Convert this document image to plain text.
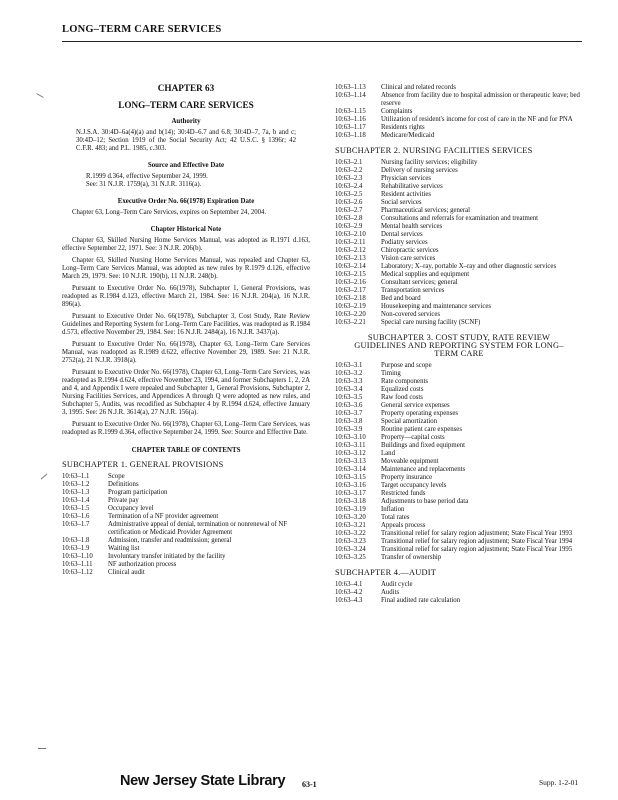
LONG–TERM CARE SERVICES
CHAPTER 63
LONG–TERM CARE SERVICES
Authority

N.J.S.A. 30:4D–6a(4)(a) and b(14); 30:4D–6.7 and 6.8; 30:4D–7, 7a, b and c; 30:4D–12; Section 1919 of the Social Security Act; 42 U.S.C. § 1396r; 42 C.F.R. 483; and P.L. 1985, c.303.

Source and Effective Date

R.1999 d.364, effective September 24, 1999.

See: 31 N.J.R. 1759(a), 31 N.J.R. 3116(a).

Executive Order No. 66(1978) Expiration Date

Chapter 63, Long–Term Care Services, expires on September 24, 2004.

Chapter Historical Note

Chapter 63, Skilled Nursing Home Services Manual, was adopted as R.1971 d.163, effective September 22, 1971. See: 3 N.J.R. 206(b).

Chapter 63, Skilled Nursing Home Services Manual, was repealed and Chapter 63, Long–Term Care Services Manual, was adopted as new rules by R.1979 d.126, effective March 29, 1979. See: 10 N.J.R. 190(b), 11 N.J.R. 248(b).

Pursuant to Executive Order No. 66(1978), Subchapter 1, General Provisions, was readopted as R.1984 d.123, effective March 21, 1984. See: 16 N.J.R. 204(a), 16 N.J.R. 896(a).

Pursuant to Executive Order No. 66(1978), Subchapter 3, Cost Study, Rate Review Guidelines and Reporting System for Long–Term Care Facilities, was readopted as R.1984 d.573, effective November 29, 1984. See: 16 N.J.R. 2484(a), 16 N.J.R. 3437(a).

Pursuant to Executive Order No. 66(1978), Chapter 63, Long–Term Care Services Manual, was readopted as R.1989 d.622, effective November 29, 1989. See: 21 N.J.R. 2752(a), 21 N.J.R. 3918(a).

Pursuant to Executive Order No. 66(1978), Chapter 63, Long–Term Care Services, was readopted as R.1994 d.624, effective November 23, 1994, and former Subchapters 1, 2, 2A and 4, and Appendix I were repealed and Subchapter 1, General Provisions, Subchapter 2, Nursing Facilities Services, and Appendices A through Q were adopted as new rules, and Subchapter 5, Audits, was recodified as Subchapter 4 by R.1994 d.624, effective January 3, 1995. See: 26 N.J.R. 3614(a), 27 N.J.R. 156(a).

Pursuant to Executive Order No. 66(1978), Chapter 63, Long–Term Care Services, was readopted as R.1999 d.364, effective September 24, 1999. See: Source and Effective Date.

CHAPTER TABLE OF CONTENTS
SUBCHAPTER 1. GENERAL PROVISIONS
10:63–1.1	Scope
10:63–1.2	Definitions
10:63–1.3	Program participation
10:63–1.4	Private pay
10:63–1.5	Occupancy level
10:63–1.6	Termination of a NF provider agreement
10:63–1.7	Administrative appeal of denial, termination or nonrenewal of NF certification or Medicaid Provider Agreement
10:63–1.8	Admission, transfer and readmission; general
10:63–1.9	Waiting list
10:63–1.10	Involuntary transfer initiated by the facility
10:63–1.11	NF authorization process
10:63–1.12	Clinical audit
10:63–1.13	Clinical and related records
10:63–1.14	Absence from facility due to hospital admission or therapeutic leave; bed reserve
10:63–1.15	Complaints
10:63–1.16	Utilization of resident's income for cost of care in the NF and for PNA
10:63–1.17	Residents rights
10:63–1.18	Medicare/Medicaid
SUBCHAPTER 2. NURSING FACILITIES SERVICES
10:63–2.1	Nursing facility services; eligibility
10:63–2.2	Delivery of nursing services
10:63–2.3	Physician services
10:63–2.4	Rehabilitative services
10:63–2.5	Resident activities
10:63–2.6	Social services
10:63–2.7	Pharmaceutical services; general
10:63–2.8	Consultations and referrals for examination and treatment
10:63–2.9	Mental health services
10:63–2.10	Dental services
10:63–2.11	Podiatry services
10:63–2.12	Chiropractic services
10:63–2.13	Vision care services
10:63–2.14	Laboratory; X–ray, portable X–ray and other diagnostic services
10:63–2.15	Medical supplies and equipment
10:63–2.16	Consultant services; general
10:63–2.17	Transportation services
10:63–2.18	Bed and board
10:63–2.19	Housekeeping and maintenance services
10:63–2.20	Non-covered services
10:63–2.21	Special care nursing facility (SCNF)
SUBCHAPTER 3. COST STUDY, RATE REVIEW GUIDELINES AND REPORTING SYSTEM FOR LONG–TERM CARE
10:63–3.1	Purpose and scope
10:63–3.2	Timing
10:63–3.3	Rate components
10:63–3.4	Equalized costs
10:63–3.5	Raw food costs
10:63–3.6	General service expenses
10:63–3.7	Property operating expenses
10:63–3.8	Special amortization
10:63–3.9	Routine patient care expenses
10:63–3.10	Property—capital costs
10:63–3.11	Buildings and fixed equipment
10:63–3.12	Land
10:63–3.13	Moveable equipment
10:63–3.14	Maintenance and replacements
10:63–3.15	Property insurance
10:63–3.16	Target occupancy levels
10:63–3.17	Restricted funds
10:63–3.18	Adjustments to base period data
10:63–3.19	Inflation
10:63–3.20	Total rates
10:63–3.21	Appeals process
10:63–3.22	Transitional relief for salary region adjustment; State Fiscal Year 1993
10:63–3.23	Transitional relief for salary region adjustment; State Fiscal Year 1994
10:63–3.24	Transitional relief for salary region adjustment; State Fiscal Year 1995
10:63–3.25	Transfer of ownership
SUBCHAPTER 4.—AUDIT
10:63–4.1	Audit cycle
10:63–4.2	Audits
10:63–4.3	Final audited rate calculation
New Jersey State Library 63-1	Supp. 1-2-01
